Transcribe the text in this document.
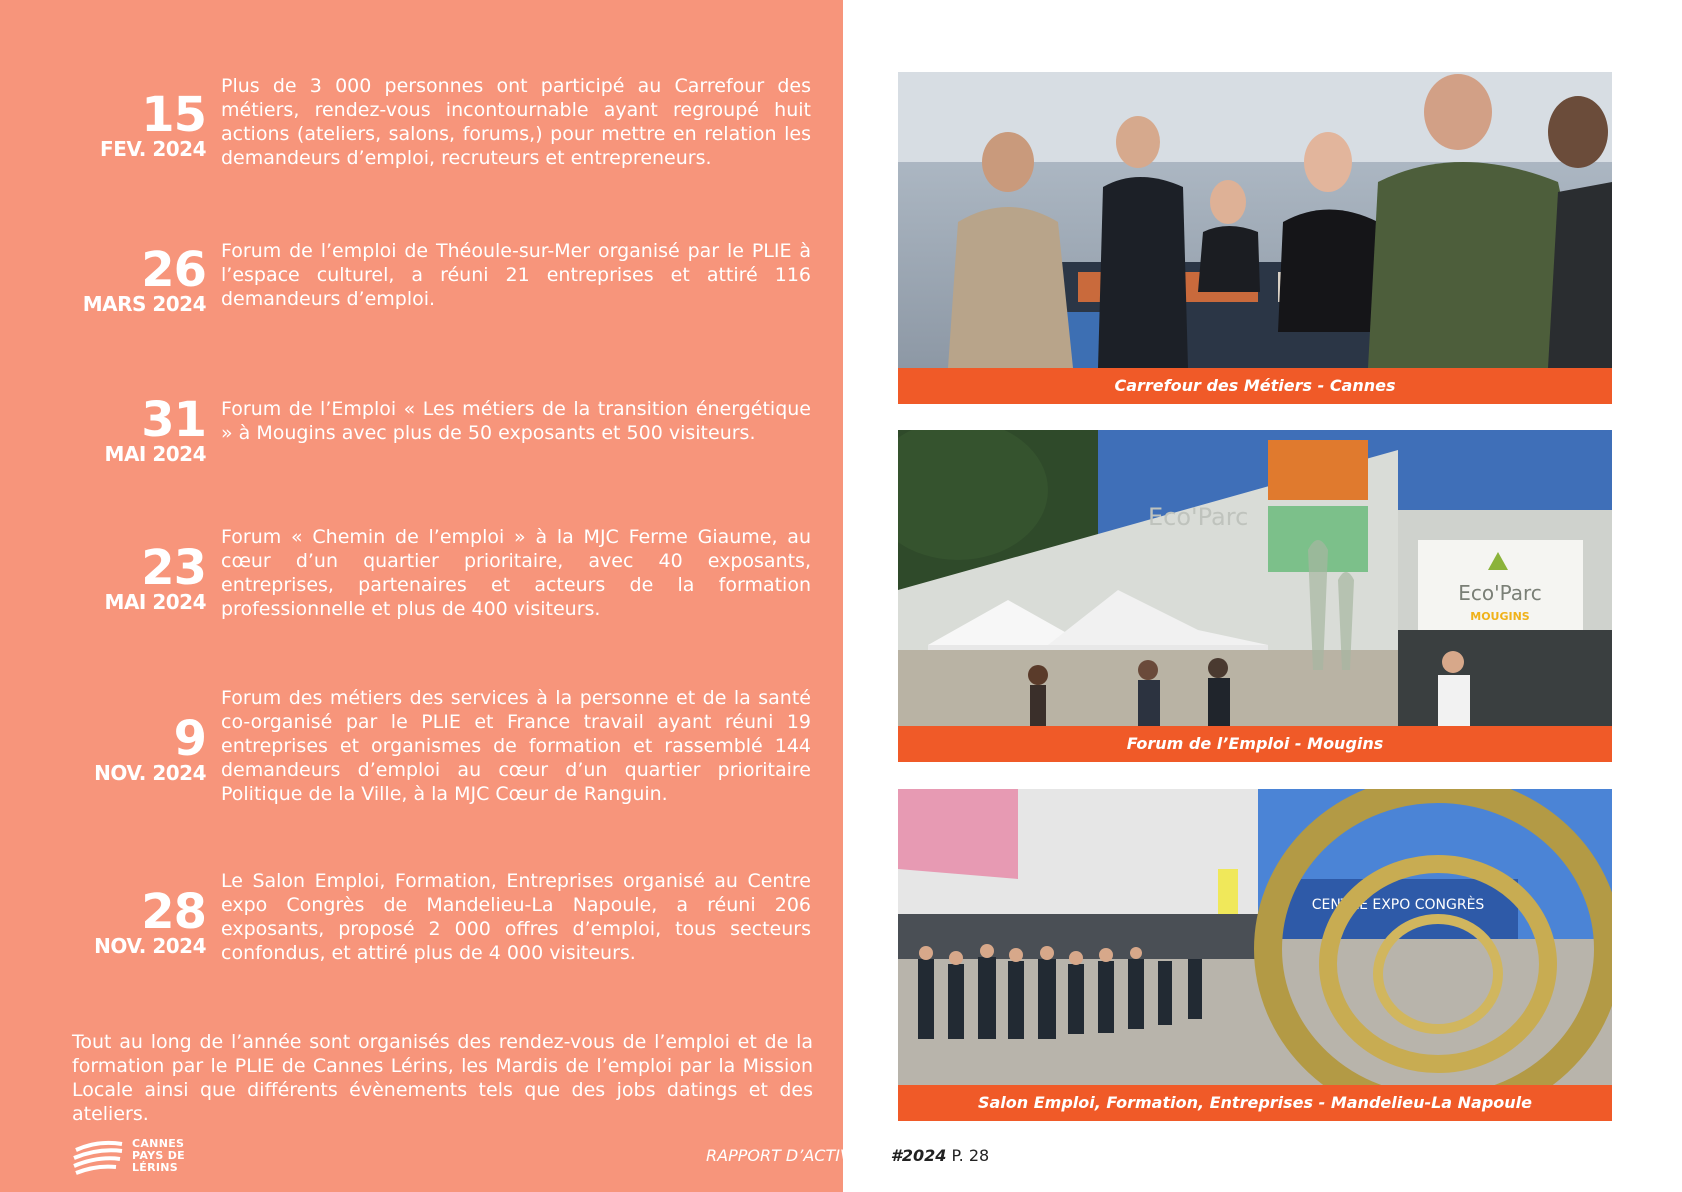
15
FEV. 2024
Plus de 3 000 personnes ont participé au Carrefour des métiers, rendez-vous incontournable ayant regroupé huit actions (ateliers, salons, forums,) pour mettre en relation les demandeurs d’emploi, recruteurs et entrepreneurs.
26
MARS 2024
Forum de l’emploi de Théoule-sur-Mer organisé par le PLIE à l’espace culturel, a réuni 21 entreprises et attiré 116 demandeurs d’emploi.
31
MAI 2024
Forum de l’Emploi « Les métiers de la transition énergétique » à Mougins avec plus de 50 exposants et 500 visiteurs.
23
MAI 2024
Forum « Chemin de l’emploi » à la MJC Ferme Giaume, au cœur d’un quartier prioritaire, avec 40 exposants, entreprises, partenaires et acteurs de la formation professionnelle et plus de 400 visiteurs.
9
NOV. 2024
Forum des métiers des services à la personne et de la santé co-organisé par le PLIE et France travail ayant réuni 19 entreprises et organismes de formation et rassemblé 144 demandeurs d’emploi au cœur d’un quartier prioritaire Politique de la Ville, à la MJC Cœur de Ranguin.
28
NOV. 2024
Le Salon Emploi, Formation, Entreprises organisé au Centre expo Congrès de Mandelieu-La Napoule, a réuni 206 exposants, proposé 2 000 offres d’emploi, tous secteurs confondus, et attiré plus de 4 000 visiteurs.
Tout au long de l’année sont organisés des rendez-vous de l’emploi et de la formation par le PLIE de Cannes Lérins, les Mardis de l’emploi par la Mission Locale ainsi que différents évènements tels que des jobs datings et des ateliers.
CANNES
PAYS DE
LÉRINS
RAPPORT D’ACTIVITÉS #2024 P. 28
Carrefour des Métiers - Cannes
Eco'Parc
MOUGINS
Eco'Parc
Forum de l’Emploi - Mougins
CENTRE EXPO CONGRÈS
Salon Emploi, Formation, Entreprises - Mandelieu-La Napoule
